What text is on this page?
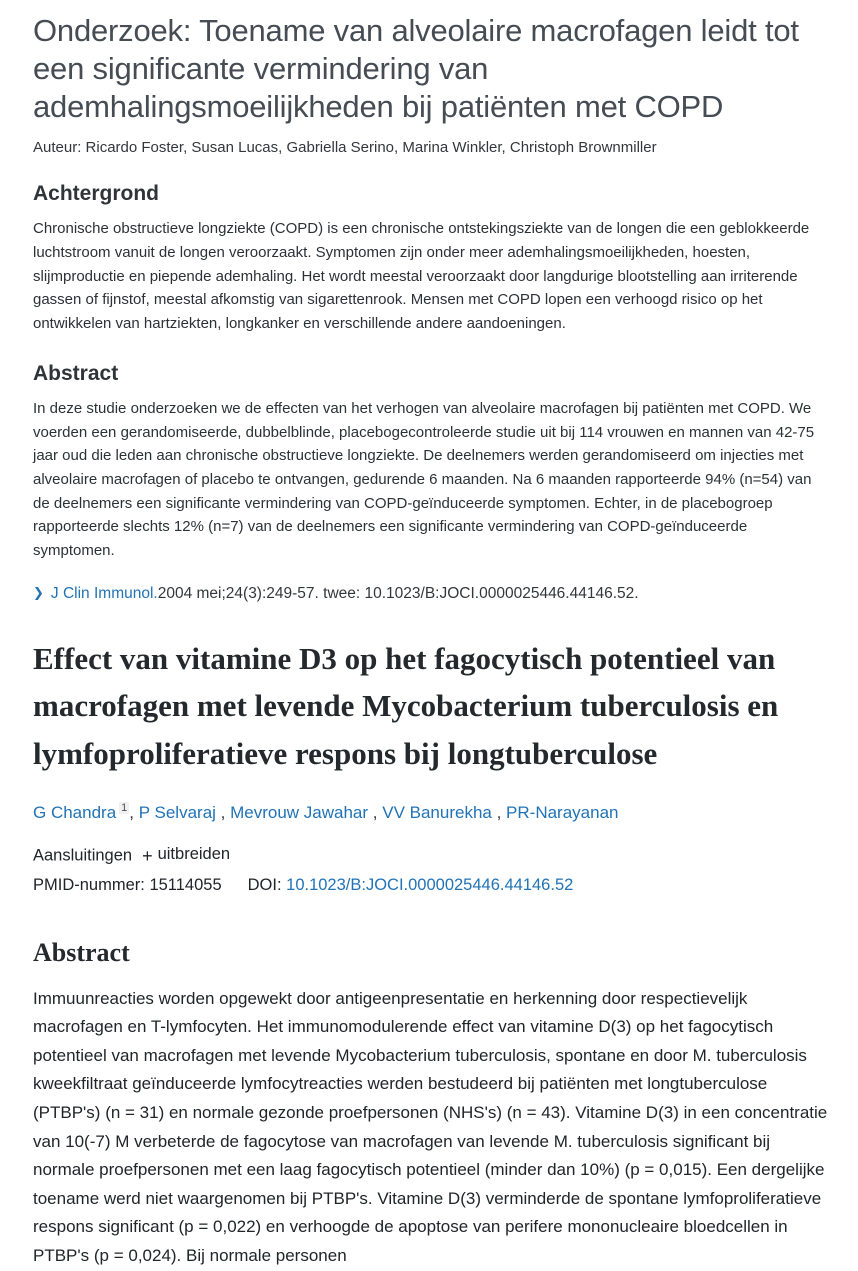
Onderzoek: Toename van alveolaire macrofagen leidt tot een significante vermindering van ademhalingsmoeilijkheden bij patiënten met COPD

Auteur: Ricardo Foster, Susan Lucas, Gabriella Serino, Marina Winkler, Christoph Brownmiller

Achtergrond

Chronische obstructieve longziekte (COPD) is een chronische ontstekingsziekte van de longen die een geblokkeerde luchtstroom vanuit de longen veroorzaakt. Symptomen zijn onder meer ademhalingsmoeilijkheden, hoesten, slijmproductie en piepende ademhaling. Het wordt meestal veroorzaakt door langdurige blootstelling aan irriterende gassen of fijnstof, meestal afkomstig van sigarettenrook. Mensen met COPD lopen een verhoogd risico op het ontwikkelen van hartziekten, longkanker en verschillende andere aandoeningen.

Abstract

In deze studie onderzoeken we de effecten van het verhogen van alveolaire macrofagen bij patiënten met COPD. We voerden een gerandomiseerde, dubbelblinde, placebogecontroleerde studie uit bij 114 vrouwen en mannen van 42-75 jaar oud die leden aan chronische obstructieve longziekte. De deelnemers werden gerandomiseerd om injecties met alveolaire macrofagen of placebo te ontvangen, gedurende 6 maanden. Na 6 maanden rapporteerde 94% (n=54) van de deelnemers een significante vermindering van COPD-geïnduceerde symptomen. Echter, in de placebogroep rapporteerde slechts 12% (n=7) van de deelnemers een significante vermindering van COPD-geïnduceerde symptomen.

❯ J Clin Immunol.2004 mei;24(3):249-57. twee: 10.1023/B:JOCI.0000025446.44146.52.
Effect van vitamine D3 op het fagocytisch potentieel van macrofagen met levende Mycobacterium tuberculosis en lymfoproliferatieve respons bij longtuberculose
G Chandra $^1$ , P Selvaraj , Mevrouw Jawahar , VV Banurekha , PR-Narayanan
Aansluitingen + uitbreiden
PMID-nummer: 15114055 DOI: 10.1023/B:JOCI.0000025446.44146.52
Abstract

Immuunreacties worden opgewekt door antigeenpresentatie en herkenning door respectievelijk macrofagen en T-lymfocyten. Het immunomodulerende effect van vitamine D(3) op het fagocytisch potentieel van macrofagen met levende Mycobacterium tuberculosis, spontane en door M. tuberculosis kweekfiltraat geïnduceerde lymfocytreacties werden bestudeerd bij patiënten met longtuberculose (PTBP's) (n = 31) en normale gezonde proefpersonen (NHS's) (n = 43). Vitamine D(3) in een concentratie van 10(-7) M verbeterde de fagocytose van macrofagen van levende M. tuberculosis significant bij normale proefpersonen met een laag fagocytisch potentieel (minder dan 10%) (p = 0,015). Een dergelijke toename werd niet waargenomen bij PTBP's. Vitamine D(3) verminderde de spontane lymfoproliferatieve respons significant (p = 0,022) en verhoogde de apoptose van perifere mononucleaire bloedcellen in PTBP's (p = 0,024). Bij normale personen
